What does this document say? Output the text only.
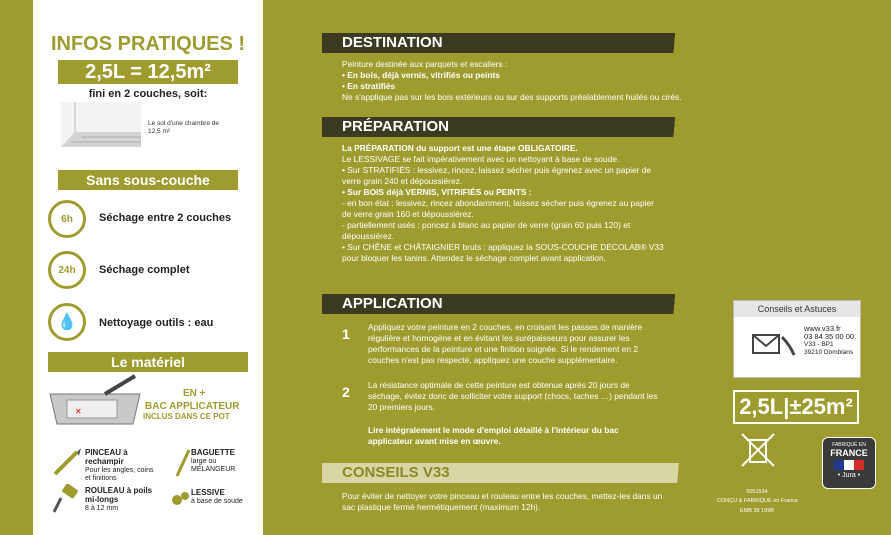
INFOS PRATIQUES !
2,5L = 12,5m²
fini en 2 couches, soit:
Le sol d'une chambre de 12,5 m²
Sans sous-couche
6h	Séchage entre 2 couches
24h	Séchage complet
💧	Nettoyage outils : eau
Le matériel
✕
EN +
BAC APPLICATEUR
INCLUS DANS CE POT
PINCEAU à rechampir
Pour les angles, coins et finitions
BAGUETTE
large ou MÉLANGEUR
ROULEAU à poils mi-longs
8 à 12 mm
LESSIVE
à base de soude
DESTINATION
Peinture destinée aux parquets et escaliers :
• En bois, déjà vernis, vitrifiés ou peints
• En stratifiés
Ne s'applique pas sur les bois extérieurs ou sur des supports préalablement huilés ou cirés.
PRÉPARATION
La PRÉPARATION du support est une étape OBLIGATOIRE.
Le LESSIVAGE se fait impérativement avec un nettoyant à base de soude.
• Sur STRATIFIÉS : lessivez, rincez, laissez sécher puis égrenez avec un papier de
verre grain 240 et dépoussiérez.
• Sur BOIS déjà VERNIS, VITRIFIÉS ou PEINTS :
- en bon état : lessivez, rincez abondamment, laissez sécher puis égrenez au papier
de verre grain 160 et dépoussiérez.
- partiellement usés : poncez à blanc au papier de verre (grain 60 puis 120) et
dépoussiérez.
• Sur CHÊNE et CHÂTAIGNIER bruts : appliquez la SOUS-COUCHE DECOLAB® V33
pour bloquer les tanins. Attendez le séchage complet avant application.
APPLICATION
1 Appliquez votre peinture en 2 couches, en croisant les passes de manière
régulière et homogène et en évitant les surépaisseurs pour assurer les
performances de la peinture et une finition soignée. Si le rendement en 2
couches n'est pas respecté, appliquez une couche supplémentaire.
2 La résistance optimale de cette peinture est obtenue après 20 jours de
séchage, évitez donc de solliciter votre support (chocs, taches …) pendant les
20 premiers jours.
Lire intégralement le mode d'emploi détaillé à l'intérieur du bac
applicateur avant mise en œuvre.
CONSEILS V33
Pour éviter de nettoyer votre pinceau et rouleau entre les couches, mettez-les dans un
sac plastique fermé hermétiquement (maximum 12h).
Conseils et Astuces
www.v33.fr
03 84 35 00 00
V33 - BP1
39210 Domblans
2,5L|±25m²
5051534
CONÇU & FABRIQUÉ en France
EMB 39 199B
FABRIQUÉ EN
FRANCE
• Jura •
